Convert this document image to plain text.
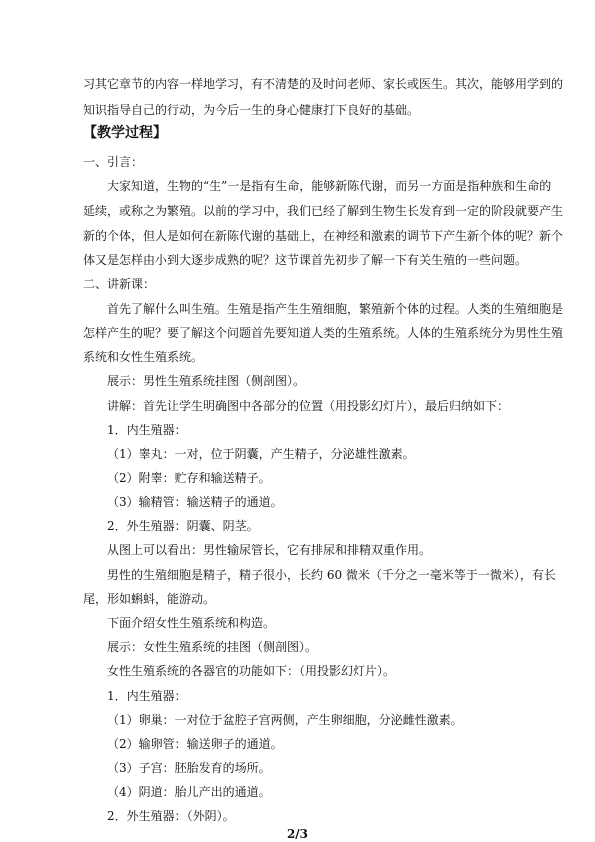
习其它章节的内容一样地学习，有不清楚的及时问老师、家长或医生。其次，能够用学到的
知识指导自己的行动，为今后一生的身心健康打下良好的基础。
【教学过程】
一、引言：
大家知道，生物的“生”一是指有生命，能够新陈代谢，而另一方面是指种族和生命的
延续，或称之为繁殖。以前的学习中，我们已经了解到生物生长发育到一定的阶段就要产生
新的个体，但人是如何在新陈代谢的基础上，在神经和激素的调节下产生新个体的呢？新个
体又是怎样由小到大逐步成熟的呢？这节课首先初步了解一下有关生殖的一些问题。
二、讲新课：
首先了解什么叫生殖。生殖是指产生生殖细胞，繁殖新个体的过程。人类的生殖细胞是
怎样产生的呢？要了解这个问题首先要知道人类的生殖系统。人体的生殖系统分为男性生殖
系统和女性生殖系统。
展示：男性生殖系统挂图（侧剖图）。
讲解：首先让学生明确图中各部分的位置（用投影幻灯片），最后归纳如下：
1．内生殖器：
（1）睾丸：一对，位于阴囊，产生精子，分泌雄性激素。
（2）附睾：贮存和输送精子。
（3）输精管：输送精子的通道。
2．外生殖器：阴囊、阴茎。
从图上可以看出：男性输尿管长，它有排尿和排精双重作用。
男性的生殖细胞是精子，精子很小，长约 60 微米（千分之一毫米等于一微米），有长
尾，形如蝌蚪，能游动。
下面介绍女性生殖系统和构造。
展示：女性生殖系统的挂图（侧剖图）。
女性生殖系统的各器官的功能如下：（用投影幻灯片）。
1．内生殖器：
（1）卵巢：一对位于盆腔子宫两侧，产生卵细胞，分泌雌性激素。
（2）输卵管：输送卵子的通道。
（3）子宫：胚胎发育的场所。
（4）阴道：胎儿产出的通道。
2．外生殖器：（外阴）。
2/3
